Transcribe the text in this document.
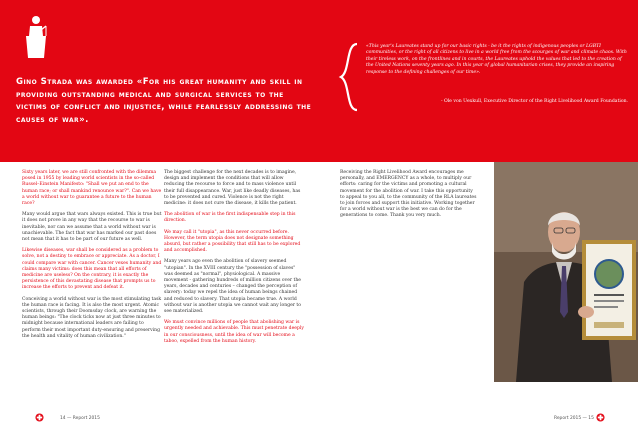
Gino Strada was awarded «For his great humanity and skill in providing outstanding medical and surgical services to the victims of conflict and injustice, while fearlessly addressing the causes of war».

«This year's Laureates stand up for our basic rights - be it the rights of indigenous peoples or LGBTI communities, or the right of all citizens to live in a world free from the scourges of war and climate chaos. With their tireless work, on the frontlines and in courts, the Laureates uphold the values that led to the creation of the United Nations seventy years ago. In this year of global humanitarian crises, they provide an inspiring response to the defining challenges of our time».

- Ole von Uexkull, Executive Director of the Right Livelihood Award Foundation.

Sixty years later, we are still confronted with the dilemma posed in 1955 by leading world scientists in the so-called Russel–Einstein Manifesto: "Shall we put an end to the human race; or shall mankind renounce war?". Can we have a world without war to guarantee a future to the human race?

Many would argue that wars always existed. This is true but it does not prove in any way that the recourse to war is inevitable, nor can we assume that a world without war is unachievable. The fact that war has marked our past does not mean that it has to be part of our future as well.

Likewise diseases, war shall be considered as a problem to solve, not a destiny to embrace or appreciate. As a doctor, I could compare war with cancer. Cancer vexes humanity and claims many victims: does this mean that all efforts of medicine are useless? On the contrary, it is exactly the persistence of this devastating disease that prompts us to increase the efforts to prevent and defeat it.

Conceiving a world without war is the most stimulating task the human race is facing. It is also the most urgent. Atomic scientists, through their Doomsday clock, are warning the human beings: "The clock ticks now at just three minutes to midnight because international leaders are failing to perform their most important duty-ensuring and preserving the health and vitality of human civilization."

The biggest challenge for the next decades is to imagine, design and implement the conditions that will allow reducing the recourse to force and to mass violence until their full disappearance. War, just like deadly diseases, has to be prevented and cured. Violence is not the right medicine: it does not cure the disease, it kills the patient.

The abolition of war is the first indispensable step in this direction.

We may call it "utopia", as this never occurred before. However, the term utopia does not designate something absurd, but rather a possibility that still has to be explored and accomplished.

Many years ago even the abolition of slavery seemed "utopian". In the XVIII century the "possession of slaves" was deemed as "normal", physiological. A massive movement - gathering hundreds of million citizens over the years, decades and centuries – changed the perception of slavery: today we repel the idea of human beings chained and reduced to slavery. That utopia became true. A world without war is another utopia we cannot wait any longer to see materialized.

We must convince millions of people that abolishing war is urgently needed and achievable. This must penetrate deeply in our consciousness, until the idea of war will become a taboo, expelled from the human history.

Receiving the Right Livelihood Award encourages me personally, and EMERGENCY as a whole, to multiply our efforts: caring for the victims and promoting a cultural movement for the abolition of war. I take this opportunity to appeal to you all, to the community of the RLA laureates to join forces and support this initiative. Working together for a world without war is the best we can do for the generations to come. Thank you very much.

14 — Report 2015	Report 2015 — 15
